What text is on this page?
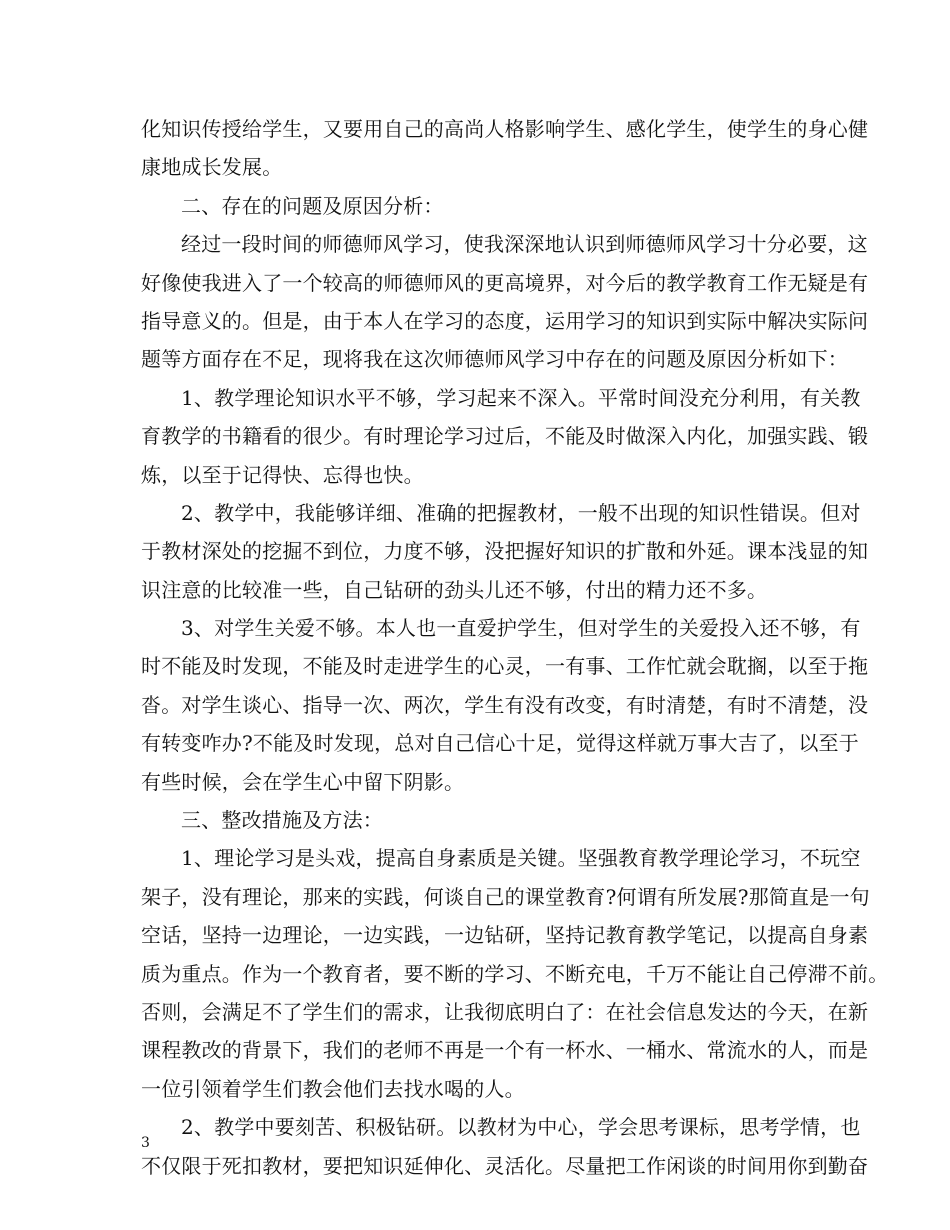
化知识传授给学生，又要用自己的高尚人格影响学生、感化学生，使学生的身心健
康地成长发展。
二、存在的问题及原因分析：
经过一段时间的师德师风学习，使我深深地认识到师德师风学习十分必要，这
好像使我进入了一个较高的师德师风的更高境界，对今后的教学教育工作无疑是有
指导意义的。但是，由于本人在学习的态度，运用学习的知识到实际中解决实际问
题等方面存在不足，现将我在这次师德师风学习中存在的问题及原因分析如下：
1、教学理论知识水平不够，学习起来不深入。平常时间没充分利用，有关教
育教学的书籍看的很少。有时理论学习过后，不能及时做深入内化，加强实践、锻
炼，以至于记得快、忘得也快。
2、教学中，我能够详细、准确的把握教材，一般不出现的知识性错误。但对
于教材深处的挖掘不到位，力度不够，没把握好知识的扩散和外延。课本浅显的知
识注意的比较准一些，自己钻研的劲头儿还不够，付出的精力还不多。
3、对学生关爱不够。本人也一直爱护学生，但对学生的关爱投入还不够，有
时不能及时发现，不能及时走进学生的心灵，一有事、工作忙就会耽搁，以至于拖
沓。对学生谈心、指导一次、两次，学生有没有改变，有时清楚，有时不清楚，没
有转变咋办?不能及时发现，总对自己信心十足，觉得这样就万事大吉了，以至于
有些时候，会在学生心中留下阴影。
三、整改措施及方法：
1、理论学习是头戏，提高自身素质是关键。坚强教育教学理论学习，不玩空
架子，没有理论，那来的实践，何谈自己的课堂教育?何谓有所发展?那简直是一句
空话，坚持一边理论，一边实践，一边钻研，坚持记教育教学笔记，以提高自身素
质为重点。作为一个教育者，要不断的学习、不断充电，千万不能让自己停滞不前。
否则，会满足不了学生们的需求，让我彻底明白了：在社会信息发达的今天，在新
课程教改的背景下，我们的老师不再是一个有一杯水、一桶水、常流水的人，而是
一位引领着学生们教会他们去找水喝的人。
2、教学中要刻苦、积极钻研。以教材为中心，学会思考课标，思考学情，也
不仅限于死扣教材，要把知识延伸化、灵活化。尽量把工作闲谈的时间用你到勤奋
3
